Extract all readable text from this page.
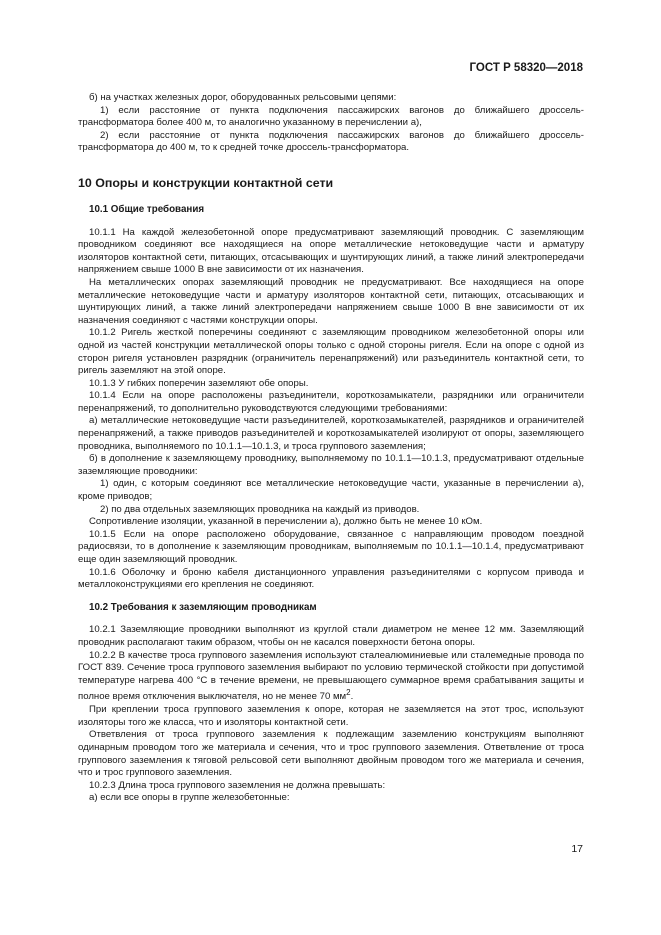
ГОСТ Р 58320—2018

б) на участках железных дорог, оборудованных рельсовыми цепями:

1) если расстояние от пункта подключения пассажирских вагонов до ближайшего дроссель-трансформатора более 400 м, то аналогично указанному в перечислении а),

2) если расстояние от пункта подключения пассажирских вагонов до ближайшего дроссель-трансформатора до 400 м, то к средней точке дроссель-трансформатора.

10 Опоры и конструкции контактной сети

10.1 Общие требования

10.1.1 На каждой железобетонной опоре предусматривают заземляющий проводник. С заземляющим проводником соединяют все находящиеся на опоре металлические нетоковедущие части и арматуру изоляторов контактной сети, питающих, отсасывающих и шунтирующих линий, а также линий электропередачи напряжением свыше 1000 В вне зависимости от их назначения.

На металлических опорах заземляющий проводник не предусматривают. Все находящиеся на опоре металлические нетоковедущие части и арматуру изоляторов контактной сети, питающих, отсасывающих и шунтирующих линий, а также линий электропередачи напряжением свыше 1000 В вне зависимости от их назначения соединяют с частями конструкции опоры.

10.1.2 Ригель жесткой поперечины соединяют с заземляющим проводником железобетонной опоры или одной из частей конструкции металлической опоры только с одной стороны ригеля. Если на опоре с одной из сторон ригеля установлен разрядник (ограничитель перенапряжений) или разъединитель контактной сети, то ригель заземляют на этой опоре.

10.1.3 У гибких поперечин заземляют обе опоры.

10.1.4 Если на опоре расположены разъединители, короткозамыкатели, разрядники или ограничители перенапряжений, то дополнительно руководствуются следующими требованиями:

а) металлические нетоковедущие части разъединителей, короткозамыкателей, разрядников и ограничителей перенапряжений, а также приводов разъединителей и короткозамыкателей изолируют от опоры, заземляющего проводника, выполняемого по 10.1.1—10.1.3, и троса группового заземления;

б) в дополнение к заземляющему проводнику, выполняемому по 10.1.1—10.1.3, предусматривают отдельные заземляющие проводники:

1) один, с которым соединяют все металлические нетоковедущие части, указанные в перечислении а), кроме приводов;

2) по два отдельных заземляющих проводника на каждый из приводов.

Сопротивление изоляции, указанной в перечислении а), должно быть не менее 10 кОм.

10.1.5 Если на опоре расположено оборудование, связанное с направляющим проводом поездной радиосвязи, то в дополнение к заземляющим проводникам, выполняемым по 10.1.1—10.1.4, предусматривают еще один заземляющий проводник.

10.1.6 Оболочку и броню кабеля дистанционного управления разъединителями с корпусом привода и металлоконструкциями его крепления не соединяют.

10.2 Требования к заземляющим проводникам

10.2.1 Заземляющие проводники выполняют из круглой стали диаметром не менее 12 мм. Заземляющий проводник располагают таким образом, чтобы он не касался поверхности бетона опоры.

10.2.2 В качестве троса группового заземления используют сталеалюминиевые или сталемедные провода по ГОСТ 839. Сечение троса группового заземления выбирают по условию термической стойкости при допустимой температуре нагрева 400 °С в течение времени, не превышающего суммарное время срабатывания защиты и полное время отключения выключателя, но не менее 70 $мм^2$.

При креплении троса группового заземления к опоре, которая не заземляется на этот трос, используют изоляторы того же класса, что и изоляторы контактной сети.

Ответвления от троса группового заземления к подлежащим заземлению конструкциям выполняют одинарным проводом того же материала и сечения, что и трос группового заземления. Ответвление от троса группового заземления к тяговой рельсовой сети выполняют двойным проводом того же материала и сечения, что и трос группового заземления.

10.2.3 Длина троса группового заземления не должна превышать:

а) если все опоры в группе железобетонные:

17
